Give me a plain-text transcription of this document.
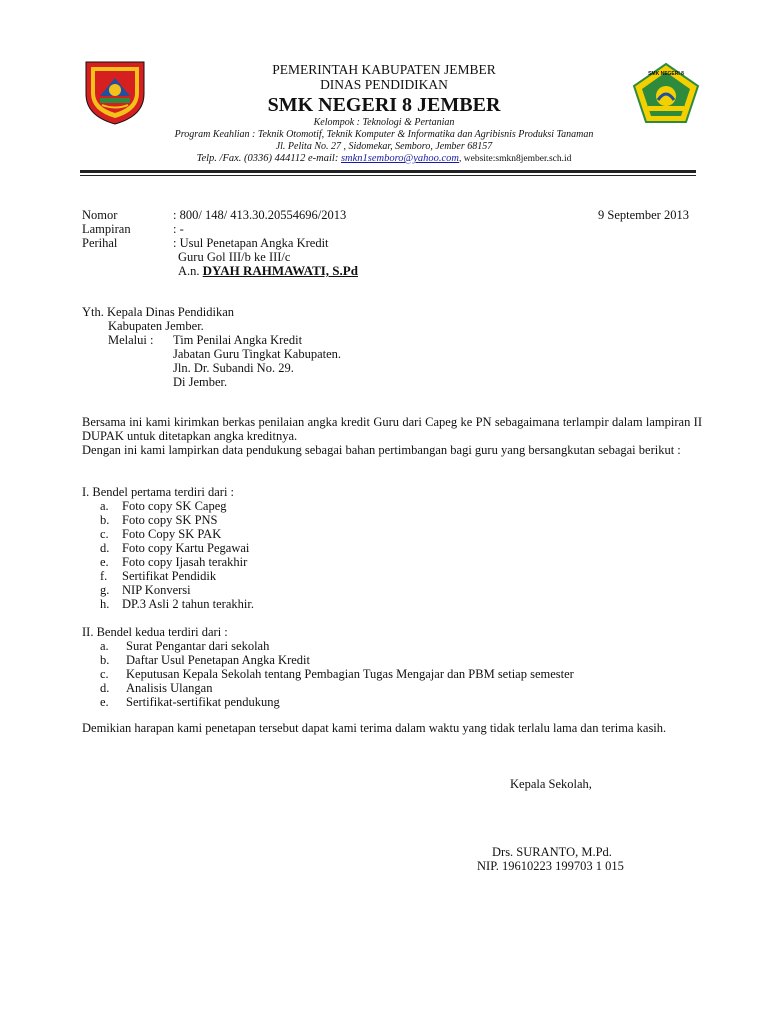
SMK NEGERI 8
PEMERINTAH KABUPATEN JEMBER
DINAS PENDIDIKAN
SMK NEGERI 8 JEMBER
Kelompok : Teknologi & Pertanian
Program Keahlian : Teknik Otomotif, Teknik Komputer & Informatika dan Agribisnis Produksi Tanaman
Jl. Pelita No. 27 , Sidomekar, Semboro, Jember 68157
Telp. /Fax. (0336) 444112 e-mail: smkn1semboro@yahoo.com, website:smkn8jember.sch.id
Nomor	: 800/ 148/ 413.30.20554696/2013	9 September 2013
Lampiran	: -
Perihal	: Usul Penetapan Angka Kredit
Guru Gol III/b ke III/c
A.n. DYAH RAHMAWATI, S.Pd
Yth. Kepala Dinas Pendidikan
Kabupaten Jember.
Melalui : Tim Penilai Angka Kredit
Jabatan Guru Tingkat Kabupaten.
Jln. Dr. Subandi No. 29.
Di Jember.
Bersama ini kami kirimkan berkas penilaian angka kredit Guru dari Capeg ke PN sebagaimana terlampir dalam lampiran II DUPAK untuk ditetapkan angka kreditnya.
Dengan ini kami lampirkan data pendukung sebagai bahan pertimbangan bagi guru yang bersangkutan sebagai berikut :
I. Bendel pertama terdiri dari :
a.	Foto copy SK Capeg
b.	Foto copy SK PNS
c.	Foto Copy SK PAK
d.	Foto copy Kartu Pegawai
e.	Foto copy Ijasah terakhir
f.	Sertifikat Pendidik
g.	NIP Konversi
h.	DP.3 Asli 2 tahun terakhir.
II. Bendel kedua terdiri dari :
a.	Surat Pengantar dari sekolah
b.	Daftar Usul Penetapan Angka Kredit
c.	Keputusan Kepala Sekolah tentang Pembagian Tugas Mengajar dan PBM setiap semester
d.	Analisis Ulangan
e.	Sertifikat-sertifikat pendukung
Demikian harapan kami penetapan tersebut dapat kami terima dalam waktu yang tidak terlalu lama dan terima kasih.
Kepala Sekolah,
Drs. SURANTO, M.Pd.
NIP. 19610223 199703 1 015
